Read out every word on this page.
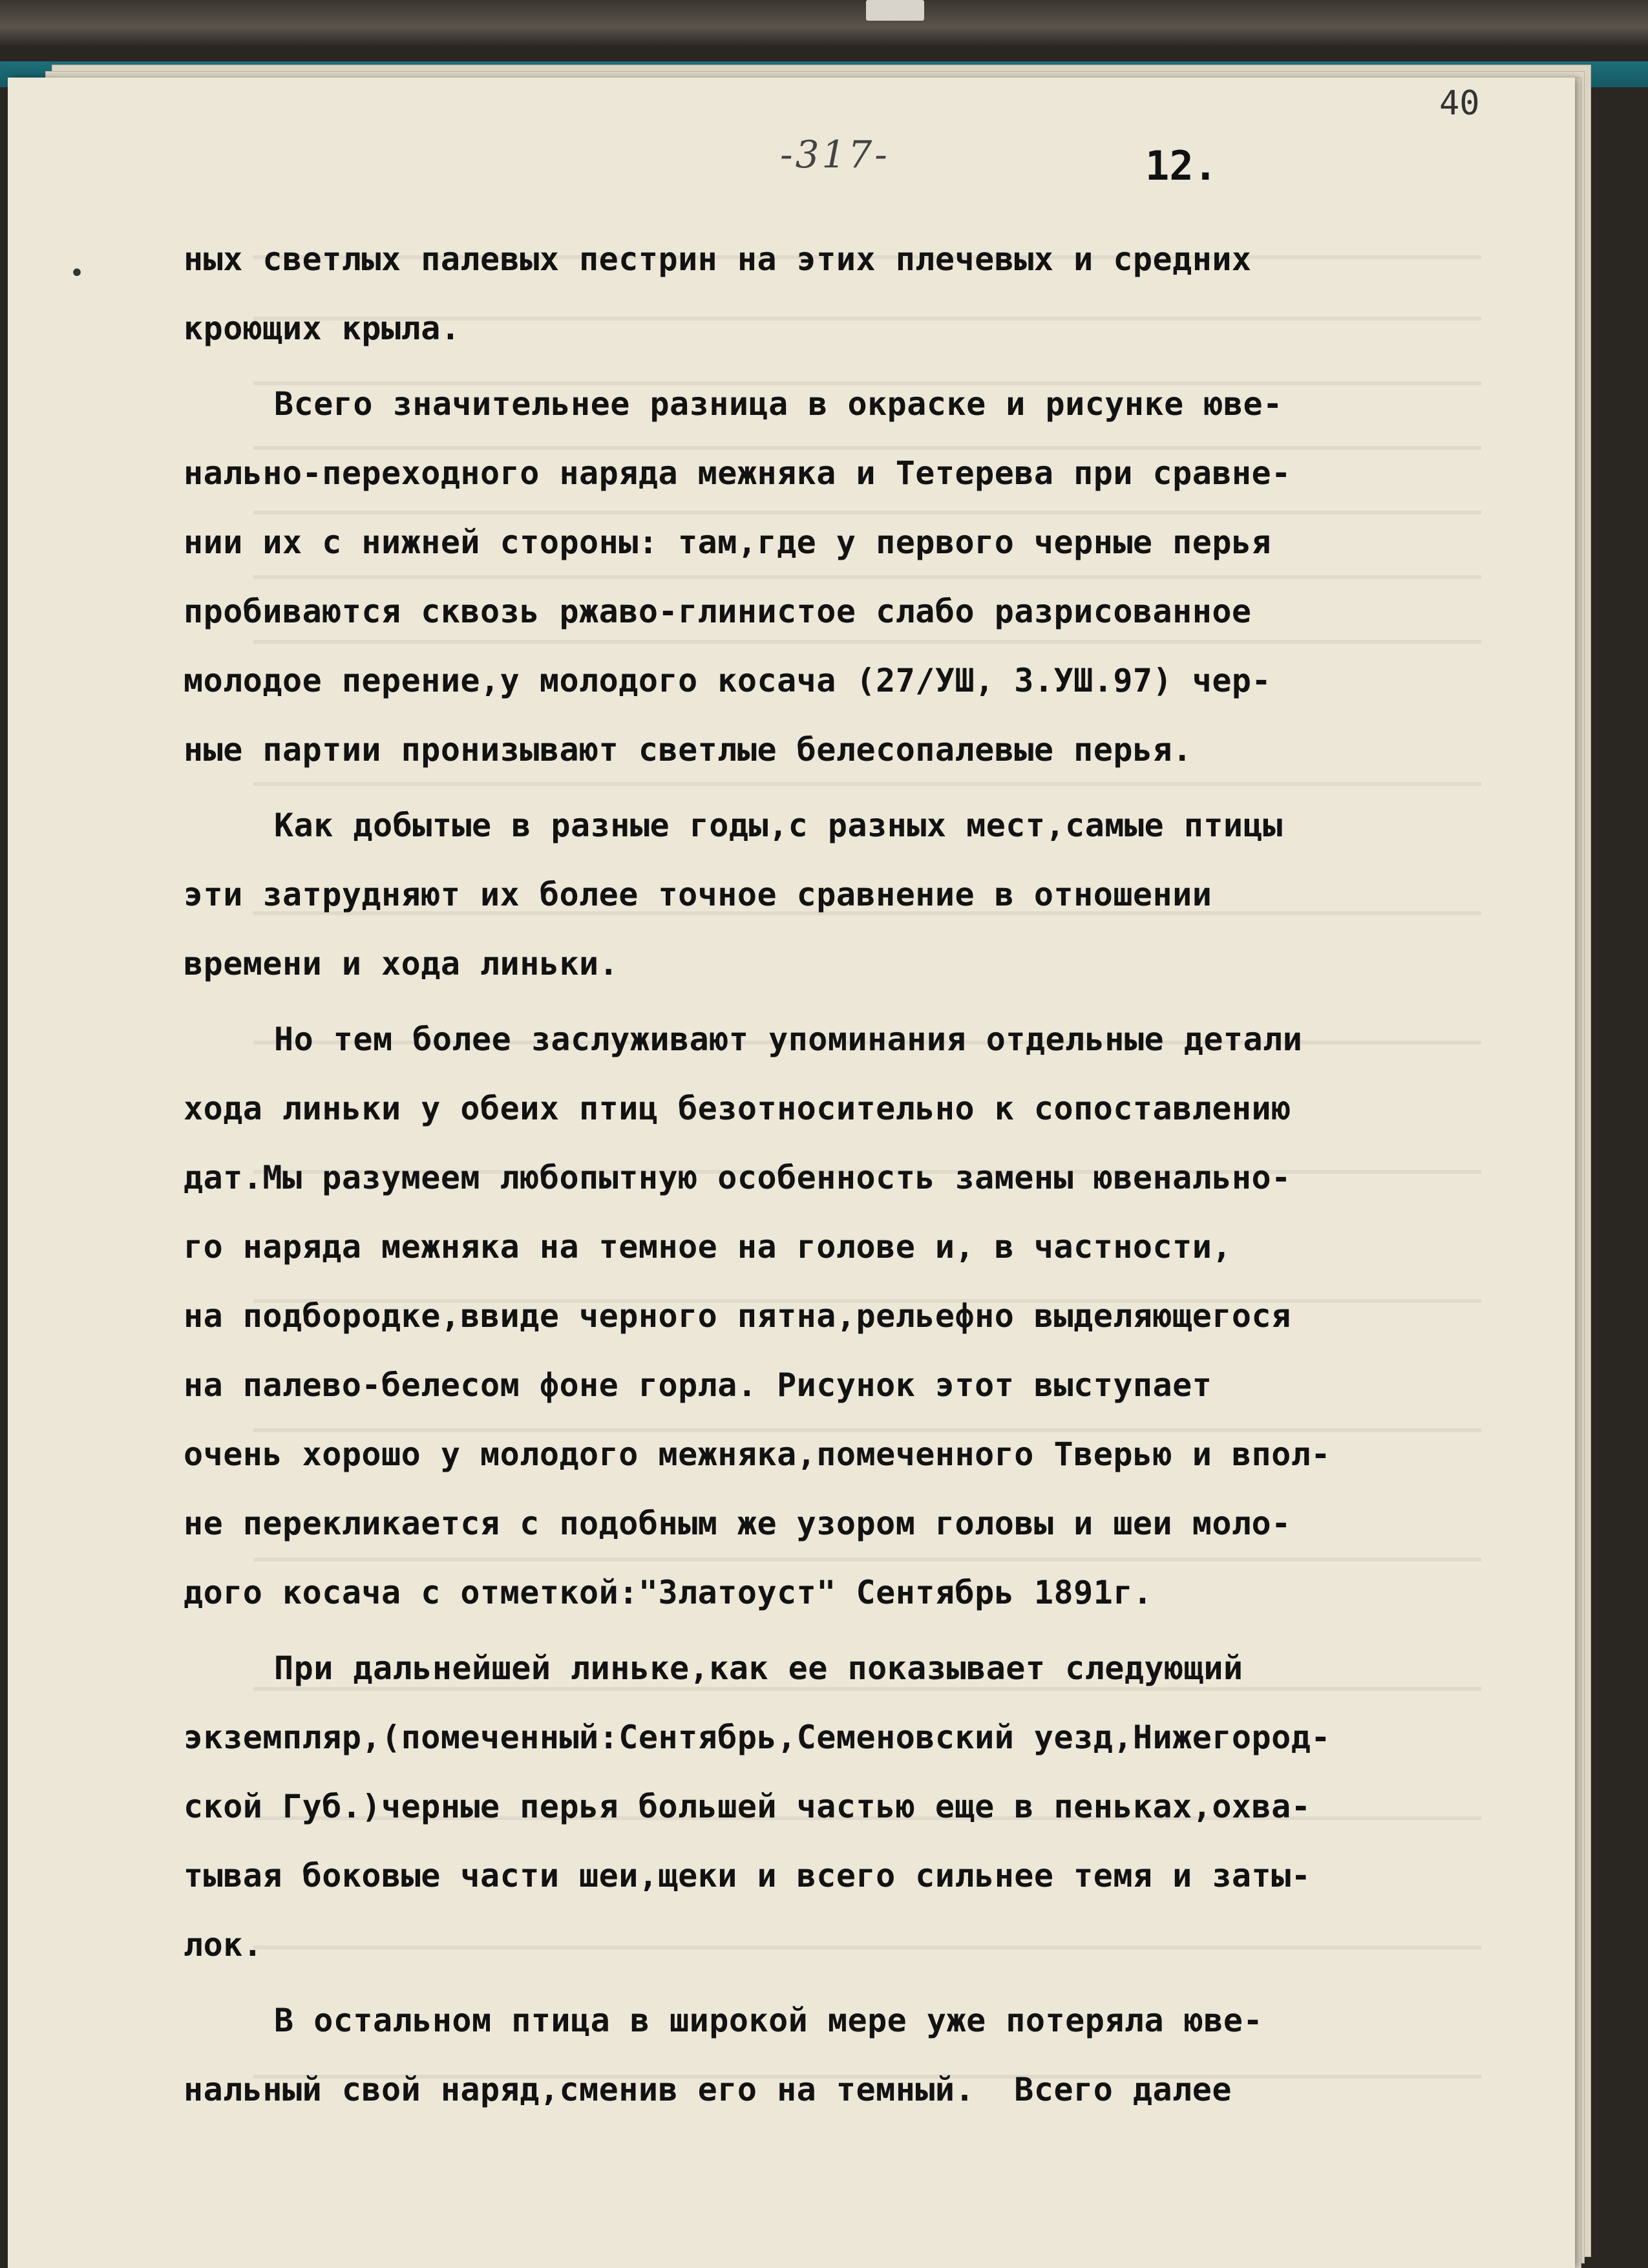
40
-317-	12.
•	ных светлых палевых пестрин на этих плечевых и средних

кроющих крыла.

Всего значительнее разница в окраске и рисунке юве-

нально-переходного наряда межняка и Тетерева при сравне-

нии их с нижней стороны: там,где у первого черные перья

пробиваются сквозь ржаво-глинистое слабо разрисованное

молодое перение,у молодого косача (27/УШ, 3.УШ.97) чер-

ные партии пронизывают светлые белесопалевые перья.

Как добытые в разные годы,с разных мест,самые птицы

эти затрудняют их более точное сравнение в отношении

времени и хода линьки.

Но тем более заслуживают упоминания отдельные детали

хода линьки у обеих птиц безотносительно к сопоставлению

дат.Мы разумеем любопытную особенность замены ювенально-

го наряда межняка на темное на голове и, в частности,

на подбородке,ввиде черного пятна,рельефно выделяющегося

на палево-белесом фоне горла. Рисунок этот выступает

очень хорошо у молодого межняка,помеченного Тверью и впол-

не перекликается с подобным же узором головы и шеи моло-

дого косача с отметкой:"Златоуст" Сентябрь 1891г.

При дальнейшей линьке,как ее показывает следующий

экземпляр,(помеченный:Сентябрь,Семеновский уезд,Нижегород-

ской Губ.)черные перья большей частью еще в пеньках,охва-

тывая боковые части шеи,щеки и всего сильнее темя и заты-

лок.

В остальном птица в широкой мере уже потеряла юве-

нальный свой наряд,сменив его на темный.  Всего далее
